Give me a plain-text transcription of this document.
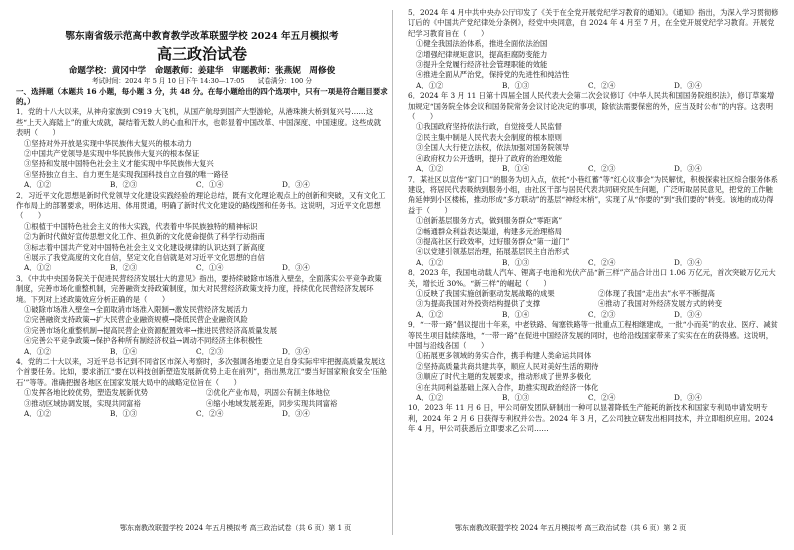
鄂东南省级示范高中教育教学改革联盟学校 2024 年五月模拟考
高三政治试卷
命题学校：黄冈中学　命题教师：姜建华　审题教师：张燕妮　周修俊
考试时间：2024 年 5 月 10 日下午 14:30—17:05　　试卷满分：100 分
一、选择题（本题共 16 小题，每小题 3 分，共 48 分。在每小题给出的四个选项中，只有一项是符合题目要求的。）

1．党的十八大以来，从神舟家族到 C919 大飞机，从国产航母到国产大型游轮，从港珠澳大桥到复兴号……这些“上天入海陆上”的重大成就，凝结着无数人的心血和汗水，也彰显着中国改革、中国深度、中国速度。这些成就表明（　　）

①坚持对外开放是实现中华民族伟大复兴的根本动力
②中国共产党领导是实现中华民族伟大复兴的根本保证
③坚持和发展中国特色社会主义才能实现中华民族伟大复兴
④坚持独立自主、自力更生是实现我国科技自立自强的唯一路径
A．①②	B．②③	C．①④	D．③④

2．习近平文化思想是新时代党领导文化建设实践经验的理论总结，既有文化理论观点上的创新和突破，又有文化工作布局上的部署要求，明体达用、体用贯通，明确了新时代文化建设的路线图和任务书。这说明，习近平文化思想（　　）

①根植于中国特色社会主义的伟大实践，代表着中华民族独特的精神标识
②为新时代做好宣传思想文化工作、担负新的文化使命提供了科学行动指南
③标志着中国共产党对中国特色社会主义文化建设规律的认识达到了新高度
④展示了我党高度的文化自信，坚定文化自信就是对习近平文化思想的自信
A．①②	B．②③	C．①④	D．③④

3．《中共中央国务院关于促进民营经济发展壮大的意见》指出，要持续破除市场准入壁垒，全面落实公平竞争政策制度，完善市场化重整机制，完善融资支持政策制度，加大对民营经济政策支持力度，持续优化民营经济发展环境。下列对上述政策效应分析正确的是（　　）

①破除市场准入壁垒→全面取消市场准入限制→激发民营经济发展活力
②完善融资支持政策→扩大民营企业融资规模→降低民营企业融资风险
③完善市场化重整机制→提高民营企业资源配置效率→推进民营经济高质量发展
④完善公平竞争政策→保护各种所有制经济权益→调动不同经济主体积极性
A．①②	B．①④	C．②③	D．③④

4．党的二十大以来，习近平总书记到不同省区市深入考察时，多次强调各地要立足自身实际牢牢把握高质量发展这个首要任务。比如，要求浙江“要在以科技创新塑造发展新优势上走在前列”，指出黑龙江“要当好国家粮食安全‘压舱石’”等等。准确把握各地区在国家发展大局中的战略定位旨在（　　）

①发挥各地比较优势，塑造发展新优势	②优化产业布局，巩固公有制主体地位
③推动区域协调发展，实现共同富裕	④缩小地域发展差距，同步实现共同富裕
A．①②	B．①③	C．②④	D．③④

5．2024 年 4 月中共中央办公厅印发了《关于在全党开展党纪学习教育的通知》。《通知》指出，为深入学习贯彻修订后的《中国共产党纪律处分条例》，经党中央同意，自 2024 年 4 月至 7 月，在全党开展党纪学习教育。开展党纪学习教育旨在（　　）

①健全我国法治体系，推进全面依法治国
②增强纪律规矩意识，提高拒腐防变能力
③提升全党履行经济社会管理职能的效能
④推进全面从严治党，保持党的先进性和纯洁性
A．①②	B．①③	C．②④	D．③④

6．2024 年 3 月 11 日第十四届全国人民代表大会第二次会议修订《中华人民共和国国务院组织法》，修订草案增加规定“国务院全体会议和国务院常务会议讨论决定的事项，除依法需要保密的外，应当及时公布”的内容。这表明（　　）

①我国政府坚持依法行政，自觉接受人民监督
②民主集中制是人民代表大会制度的根本原则
③全国人大行使立法权，依法加强对国务院领导
④政府权力公开透明，提升了政府的治理效能
A．①②	B．①④	C．②③	D．③④

7．某社区以宣传“家门口”的服务为切入点，依托“小巷红蓄”等“红心议事会”为民解忧，积极探索社区综合服务体系建设，将居民代表吸纳到服务小组，由社区干部与居民代表共同研究民生问题，广泛听取居民意见，把党的工作触角延伸到小区楼栋，推动形成“多方联动”的基层“神经末梢”，实现了从“你要的”到“我们要的”转变。该地的成功得益于（　　）

①创新基层服务方式，做到服务群众“零距离”
②畅通群众利益表达渠道，构建多元治理格局
③提高社区行政效率，过好服务群众“第一道门”
④以党建引领基层治理，拓展基层民主自治形式
A．①②	B．①③	C．②④	D．③④

8．2023 年，我国电动载人汽车、锂离子电池和光伏产品“新三样”产品合计出口 1.06 万亿元，首次突破万亿元大关，增长近 30%。“新三样”的崛起（　　）

①反映了我国实施创新驱动发展战略的成果	②体现了我国“走出去”水平不断提高
③为提高我国对外投资结构提供了支撑	④推动了我国对外经济发展方式的转变
A．①②	B．①④	C．②③	D．③④

9．“一带一路”倡议提出十年来，中老铁路、匈塞铁路等一批重点工程相继建成，一批“小而美”的农业、医疗、减贫等民生项目陆续落地，“一带一路”在促进中国经济发展的同时，也给沿线国家带来了实实在在的获得感。这说明，中国与沿线各国（　　）

①拓展更多领域的务实合作，携手构建人类命运共同体
②坚持高质量共商共建共享，顺应人民对美好生活的期待
③顺应了时代主题的发展要求，推动形成了世界多极化
④在共同利益基础上深入合作，助推实现政治经济一体化
A．①②	B．①③	C．②④	D．③④

10．2023 年 11 月 6 日，甲公司研发团队研制出一种可以显著降低生产能耗的新技术和国家专利局申请发明专利，2024 年 2 月 6 日获得专利权并公告。2024 年 3 月，乙公司独立研发出相同技术，并立即组织应用。2024 年 4 月，甲公司获悉后立即要求乙公司……

鄂东南教改联盟学校 2024 年五月模拟考 高三政治试卷（共 6 页）第 1 页	鄂东南教改联盟学校 2024 年五月模拟考 高三政治试卷（共 6 页）第 2 页
